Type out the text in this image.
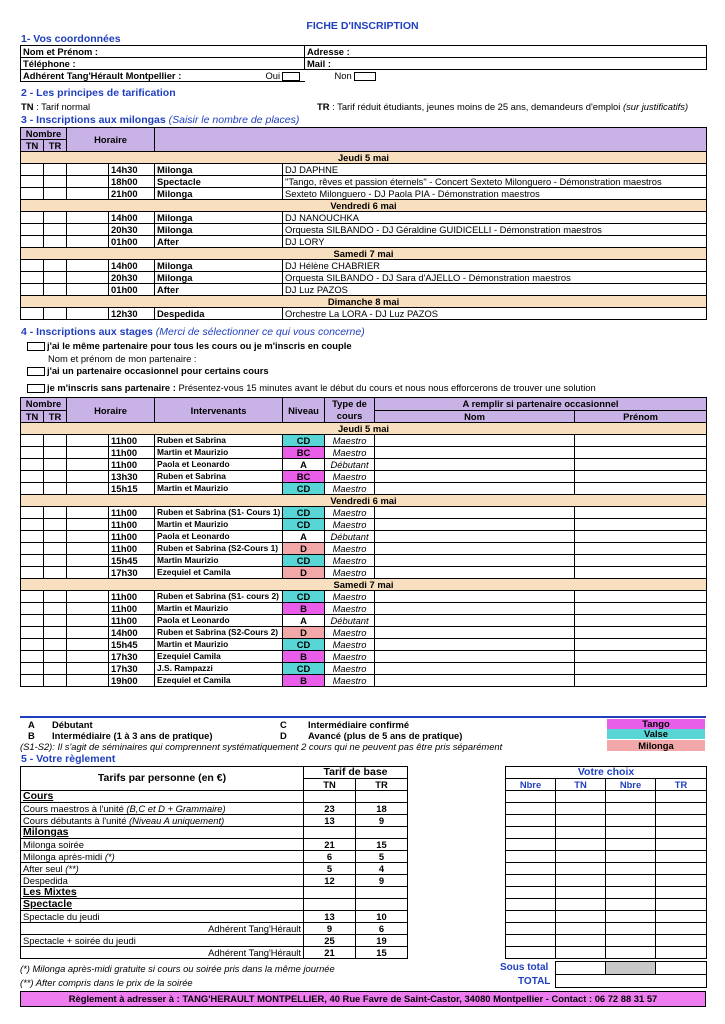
FICHE D'INSCRIPTION
1- Vos coordonnées
Nom et Prénom :	Adresse :
Téléphone :	Mail :
Adhérent Tang'Hérault Montpellier : Oui	Non
2 - Les principes de tarification
TN : Tarif normal	TR : Tarif réduit étudiants, jeunes moins de 25 ans, demandeurs d'emploi (sur justificatifs)
3 - Inscriptions aux milongas (Saisir le nombre de places)
Nombre		Horaire			
TN	TR				
Jeudi 5 mai					
			14h30	Milonga	DJ DAPHNE
			18h00	Spectacle	"Tango, rêves et passion éternels" - Concert Sexteto Milonguero - Démonstration maestros
			21h00	Milonga	Sexteto Milonguero - DJ Paola PIA - Démonstration maestros
Vendredi 6 mai					
			14h00	Milonga	DJ NANOUCHKA
			20h30	Milonga	Orquesta SILBANDO - DJ Géraldine GUIDICELLI - Démonstration maestros
			01h00	After	DJ LORY
Samedi 7 mai					
			14h00	Milonga	DJ Hélène CHABRIER
			20h30	Milonga	Orquesta SILBANDO - DJ Sara d'AJELLO - Démonstration maestros
			01h00	After	DJ Luz PAZOS
Dimanche 8 mai					
			12h30	Despedida	Orchestre La LORA - DJ Luz PAZOS
4 - Inscriptions aux stages (Merci de sélectionner ce qui vous concerne)
j'ai le même partenaire pour tous les cours ou je m'inscris en couple
Nom et prénom de mon partenaire :
j'ai un partenaire occasionnel pour certains cours
je m'inscris sans partenaire : Présentez-vous 15 minutes avant le début du cours et nous nous efforcerons de trouver une solution
Nombre		Horaire		Intervenants	Niveau	Type de cours	A remplir si partenaire occasionnel	
TN	TR						Nom	Prénom
Jeudi 5 mai								
			11h00	Ruben et Sabrina	CD	Maestro		
			11h00	Martin et Maurizio	BC	Maestro		
			11h00	Paola et Leonardo	A	Débutant		
			13h30	Ruben et Sabrina	BC	Maestro		
			15h15	Martin et Maurizio	CD	Maestro		
Vendredi 6 mai								
			11h00	Ruben et Sabrina (S1- Cours 1)	CD	Maestro		
			11h00	Martin et Maurizio	CD	Maestro		
			11h00	Paola et Leonardo	A	Débutant		
			11h00	Ruben et Sabrina (S2-Cours 1)	D	Maestro		
			15h45	Martin Maurizio	CD	Maestro		
			17h30	Ezequiel et Camila	D	Maestro		
Samedi 7 mai								
			11h00	Ruben et Sabrina (S1- cours 2)	CD	Maestro		
			11h00	Martin et Maurizio	B	Maestro		
			11h00	Paola et Leonardo	A	Débutant		
			14h00	Ruben et Sabrina (S2-Cours 2)	D	Maestro		
			15h45	Martin et Maurizio	CD	Maestro		
			17h30	Ezequiel Camila	B	Maestro		
			17h30	J.S. Rampazzi	CD	Maestro		
			19h00	Ezequiel et Camila	B	Maestro		
A Débutant	C Intermédiaire confirmé
B Intermédiaire (1 à 3 ans de pratique)	D Avancé (plus de 5 ans de pratique)
(S1-S2): Il s'agit de séminaires qui comprennent systématiquement 2 cours qui ne peuvent pas être pris séparément
Tango
Valse
Milonga
5 - Votre règlement
Tarifs par personne (en €)	Tarif de base	
	TN	TR
Cours		
Cours maestros à l'unité (B,C et D + Grammaire)	23	18
Cours débutants à l'unité (Niveau A uniquement)	13	9
Milongas		
Milonga soirée	21	15
Milonga après-midi (*)	6	5
After seul (**)	5	4
Despedida	12	9
Les Mixtes		
Spectacle		
Spectacle du jeudi	13	10
Adhérent Tang'Hérault	9	6
Spectacle + soirée du jeudi	25	19
Adhérent Tang'Hérault	21	15
Votre choix			
Nbre	TN	Nbre	TR

(*) Milonga après-midi gratuite si cours ou soirée pris dans la même journée
(**) After compris dans le prix de la soirée
Sous total
TOTAL

Règlement à adresser à : TANG'HERAULT MONTPELLIER, 40 Rue Favre de Saint-Castor, 34080 Montpellier - Contact : 06 72 88 31 57
